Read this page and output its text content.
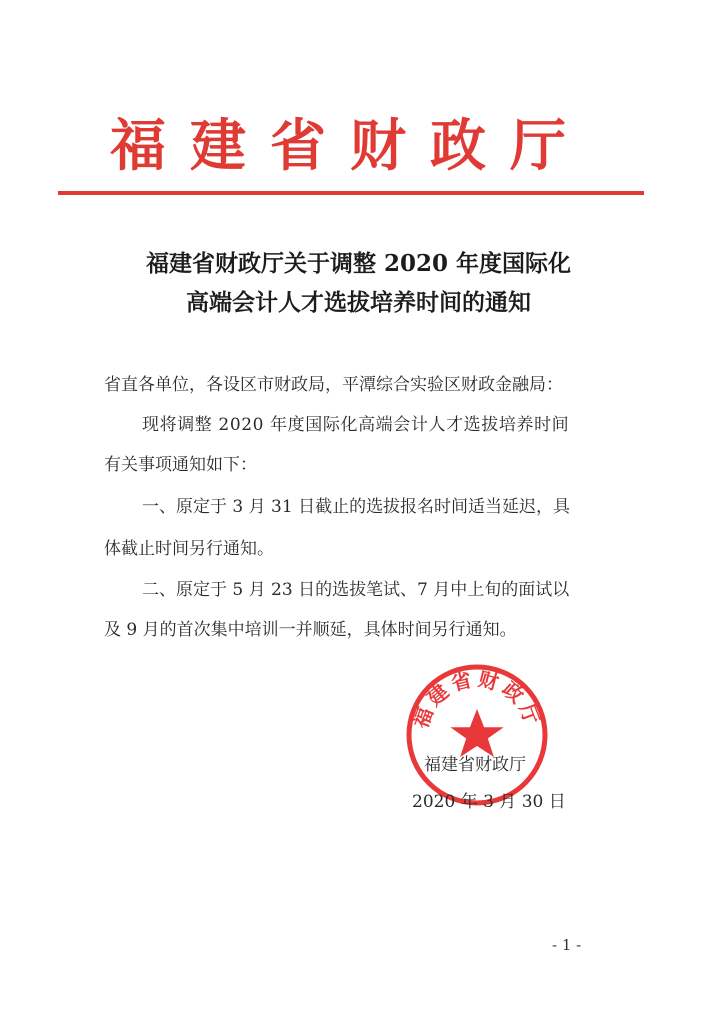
福建省财政厅
福建省财政厅关于调整 2020 年度国际化
高端会计人才选拔培养时间的通知
省直各单位，各设区市财政局，平潭综合实验区财政金融局：
现将调整 2020 年度国际化高端会计人才选拔培养时间
有关事项通知如下：
一、原定于 3 月 31 日截止的选拔报名时间适当延迟，具
体截止时间另行通知。
二、原定于 5 月 23 日的选拔笔试、7 月中上旬的面试以
及 9 月的首次集中培训一并顺延，具体时间另行通知。
福建省财政厅
福建省财政厅
2020 年 3 月 30 日
- 1 -
